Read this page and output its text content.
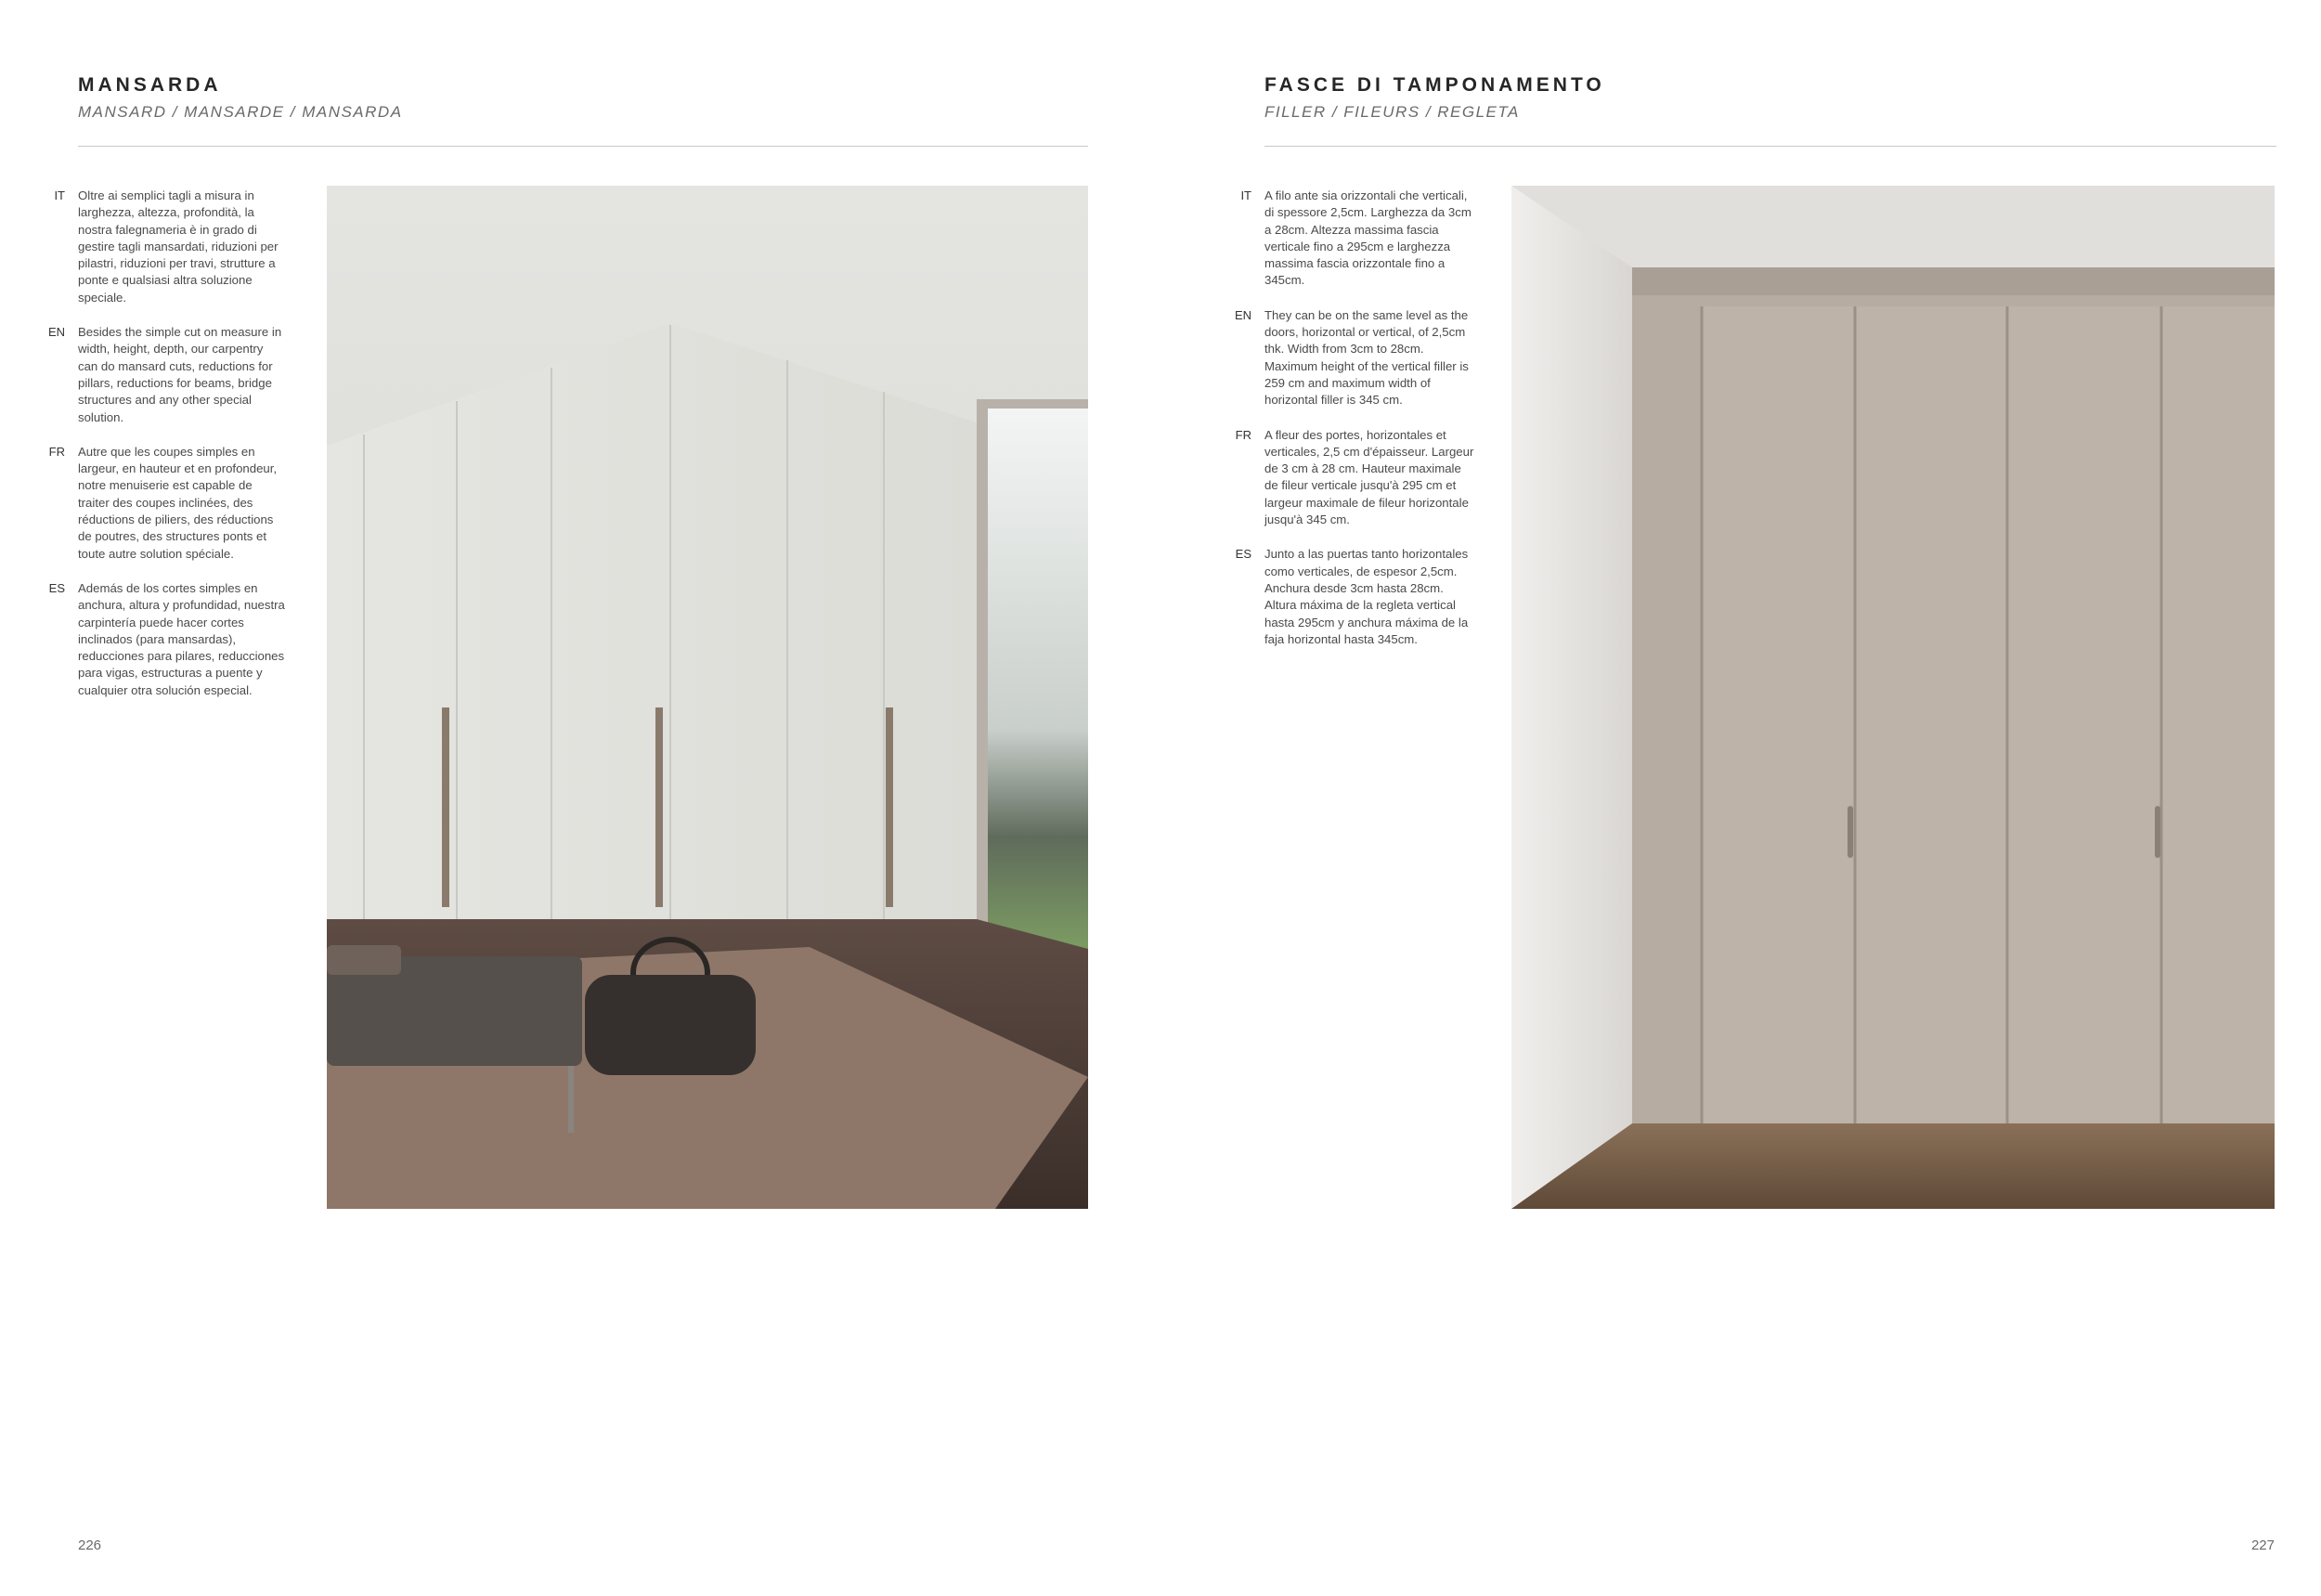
MANSARDA

MANSARD / MANSARDE / MANSARDA

IT Oltre ai semplici tagli a misura in larghezza, altezza, profondità, la nostra falegnameria è in grado di gestire tagli mansardati, riduzioni per pilastri, riduzioni per travi, strutture a ponte e qualsiasi altra soluzione speciale.

EN Besides the simple cut on measure in width, height, depth, our carpentry can do mansard cuts, reductions for pillars, reductions for beams, bridge structures and any other special solution.

FR Autre que les coupes simples en largeur, en hauteur et en profondeur, notre menuiserie est capable de traiter des coupes inclinées, des réductions de piliers, des réductions de poutres, des structures ponts et toute autre solution spéciale.

ES Además de los cortes simples en anchura, altura y profundidad, nuestra carpintería puede hacer cortes inclinados (para mansardas), reducciones para pilares, reducciones para vigas, estructuras a puente y cualquier otra solución especial.

226

FASCE DI TAMPONAMENTO

FILLER / FILEURS / REGLETA

IT A filo ante sia orizzontali che verticali, di spessore 2,5cm. Larghezza da 3cm a 28cm. Altezza massima fascia verticale fino a 295cm e larghezza massima fascia orizzontale fino a 345cm.

EN They can be on the same level as the doors, horizontal or vertical, of 2,5cm thk. Width from 3cm to 28cm. Maximum height of the vertical filler is 259 cm and maximum width of horizontal filler is 345 cm.

FR A fleur des portes, horizontales et verticales, 2,5 cm d'épaisseur. Largeur de 3 cm à 28 cm. Hauteur maximale de fileur verticale jusqu'à 295 cm et largeur maximale de fileur horizontale jusqu'à 345 cm.

ES Junto a las puertas tanto horizontales como verticales, de espesor 2,5cm. Anchura desde 3cm hasta 28cm. Altura máxima de la regleta vertical hasta 295cm y anchura máxima de la faja horizontal hasta 345cm.

227
